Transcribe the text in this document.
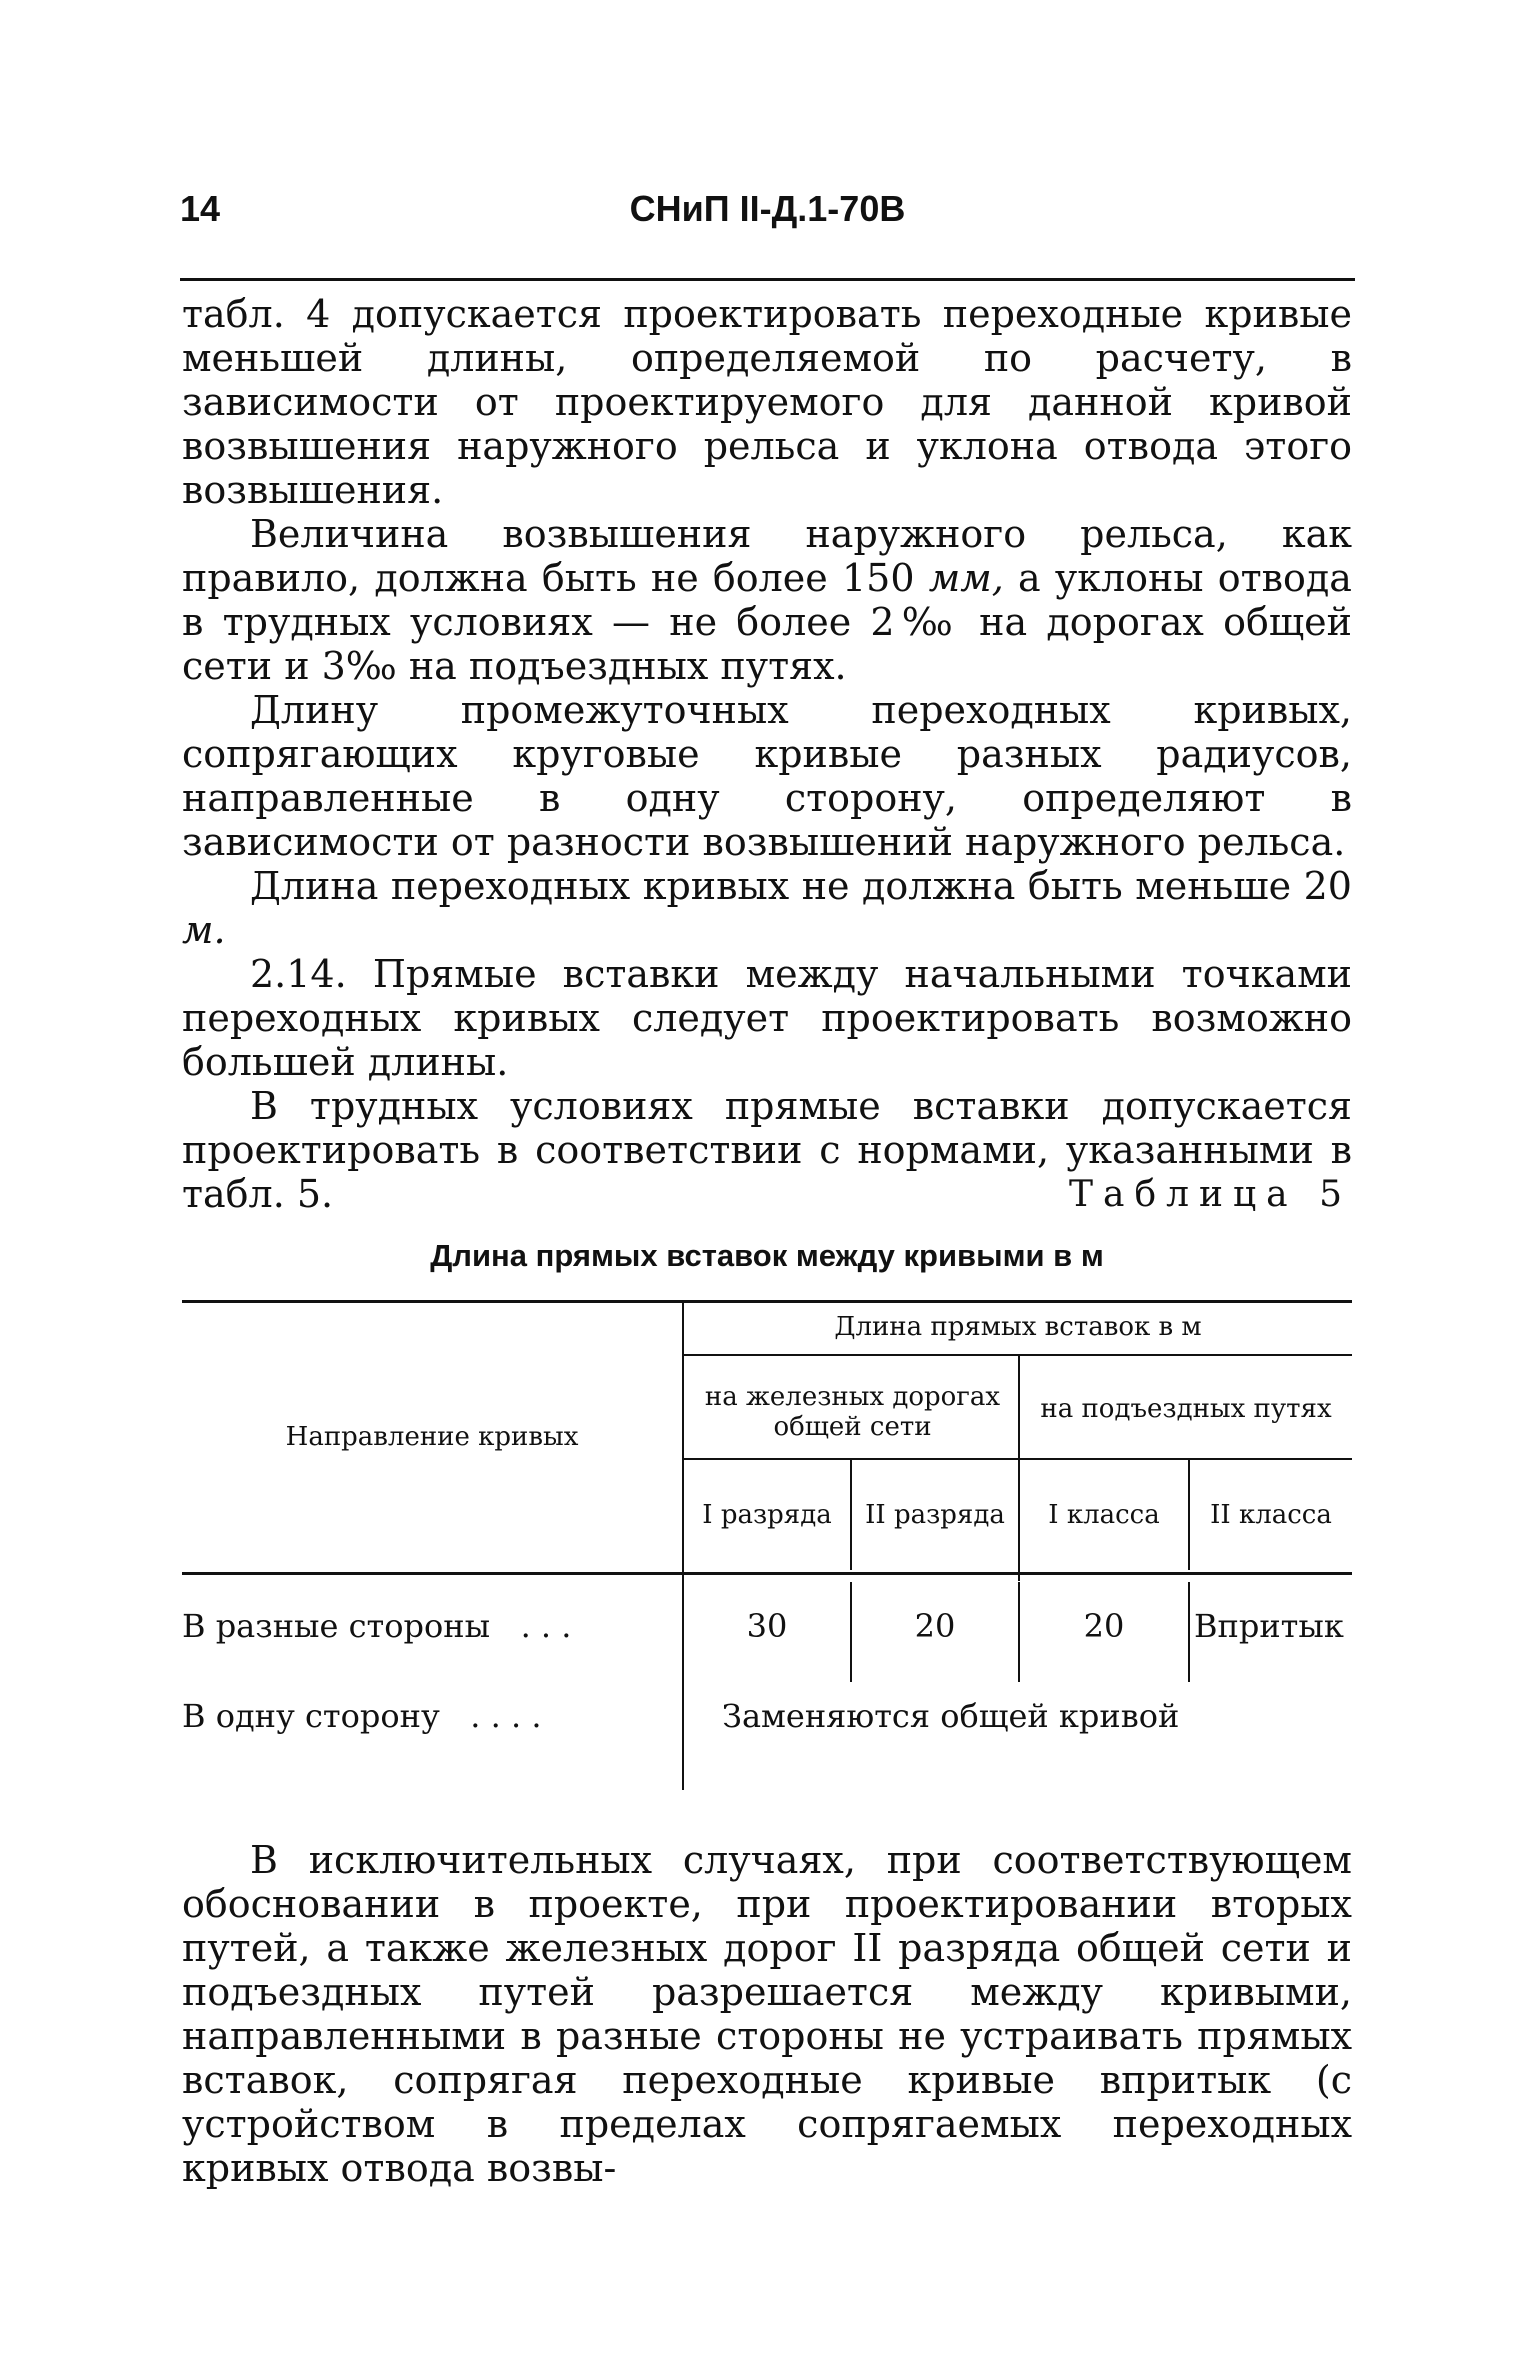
14	СНиП II-Д.1-70В

табл. 4 допускается проектировать переходные кривые меньшей длины, определяемой по расчету, в зависимости от проектируемого для данной кривой возвышения наружного рельса и уклона отвода этого возвышения.

Величина возвышения наружного рельса, как правило, должна быть не более 150 мм, а уклоны отвода в трудных условиях — не более 2‰ на дорогах общей сети и 3‰ на подъездных путях.

Длину промежуточных переходных кривых, сопрягающих круговые кривые разных радиусов, направленные в одну сторону, определяют в зависимости от разности возвышений наружного рельса.

Длина переходных кривых не должна быть меньше 20 м.

2.14. Прямые вставки между начальными точками переходных кривых следует проектировать возможно большей длины.

В трудных условиях прямые вставки допускается проектировать в соответствии с нормами, указанными в табл. 5.	Таблица 5
Длина прямых вставок между кривыми в м
Направление кривых
Длина прямых вставок в м
на железных дорогах общей сети
на подъездных путях
I разряда	II разряда	I класса	II класса
В разные стороны . . .	30	20	20	Впритык
В одну сторону . . . .	Заменяются общей кривой
В исключительных случаях, при соответствующем обосновании в проекте, при проектировании вторых путей, а также железных дорог II разряда общей сети и подъездных путей разрешается между кривыми, направленными в разные стороны не устраивать прямых вставок, сопрягая переходные кривые впритык (с устройством в пределах сопрягаемых переходных кривых отвода возвы-
